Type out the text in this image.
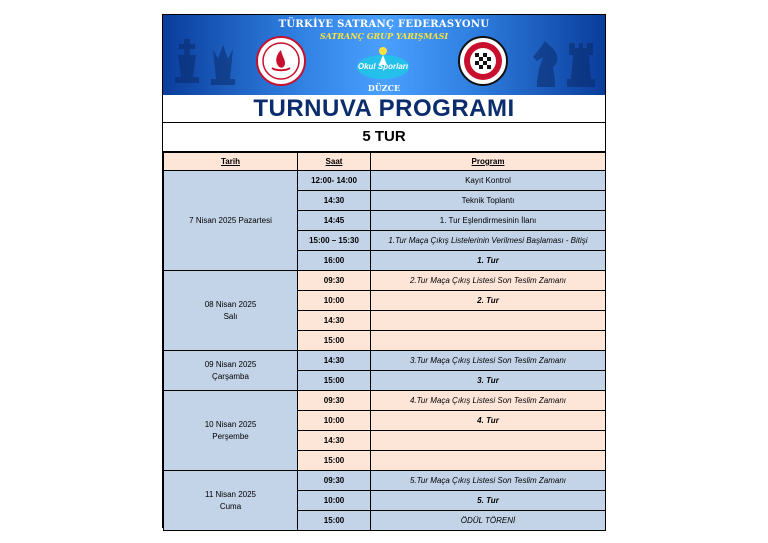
TÜRKİYE SATRANÇ FEDERASYONU
SATRANÇ GRUP YARIŞMASI
Okul Sporları
DÜZCE
TURNUVA PROGRAMI
5 TUR
Tarih	Saat	Program

7 Nisan 2025 Pazartesi	12:00- 14:00	Kayıt Kontrol
	14:30	Teknik Toplantı
	14:45	1. Tur Eşlendirmesinin İlanı
	15:00 – 15:30	1.Tur Maça Çıkış Listelerinin Verilmesi Başlaması - Bitişi
	16:00	1. Tur

08 Nisan 2025
Salı	09:30	2.Tur Maça Çıkış Listesi Son Teslim Zamanı
	10:00	2. Tur
	14:30	
	15:00	

09 Nisan 2025
Çarşamba	14:30	3.Tur Maça Çıkış Listesi Son Teslim Zamanı
	15:00	3. Tur

10 Nisan 2025
Perşembe	09:30	4.Tur Maça Çıkış Listesi Son Teslim Zamanı
	10:00	4. Tur
	14:30	
	15:00	

11 Nisan 2025
Cuma	09:30	5.Tur Maça Çıkış Listesi Son Teslim Zamanı
	10:00	5. Tur
	15:00	ÖDÜL TÖRENİ
